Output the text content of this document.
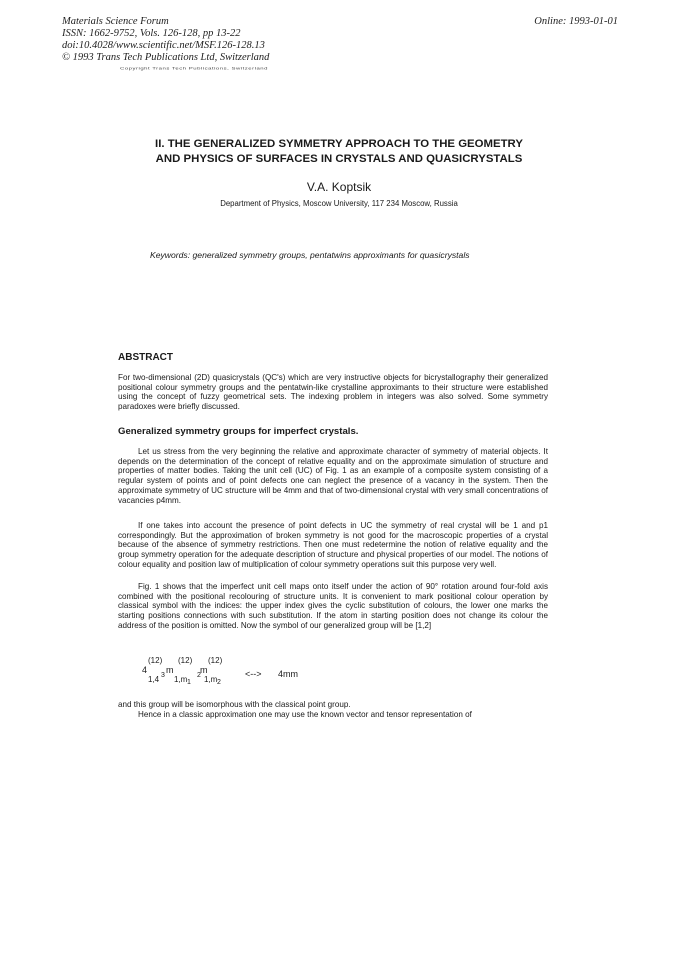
Materials Science Forum
ISSN: 1662-9752, Vols. 126-128, pp 13-22
doi:10.4028/www.scientific.net/MSF.126-128.13
© 1993 Trans Tech Publications Ltd, Switzerland
Online: 1993-01-01
Copyright Trans Tech Publications, Switzerland
II. THE GENERALIZED SYMMETRY APPROACH TO THE GEOMETRY
AND PHYSICS OF SURFACES IN CRYSTALS AND QUASICRYSTALS
V.A. Koptsik
Department of Physics, Moscow University, 117 234 Moscow, Russia
Keywords: generalized symmetry groups, pentatwins approximants for quasicrystals
ABSTRACT
For two-dimensional (2D) quasicrystals (QC's) which are very instructive objects for bicrystallography their generalized positional colour symmetry groups and the pentatwin-like crystalline approximants to their structure were established using the concept of fuzzy geometrical sets. The indexing problem in integers was also solved. Some symmetry paradoxes were briefly discussed.
Generalized symmetry groups for imperfect crystals.
Let us stress from the very beginning the relative and approximate character of symmetry of material objects. It depends on the determination of the concept of relative equality and on the approximate simulation of structure and properties of matter bodies. Taking the unit cell (UC) of Fig. 1 as an example of a composite system consisting of a regular system of points and of point defects one can neglect the presence of a vacancy in the system. Then the approximate symmetry of UC structure will be 4mm and that of two-dimensional crystal with very small concentrations of vacancies p4mm.
If one takes into account the presence of point defects in UC the symmetry of real crystal will be 1 and p1 correspondingly. But the approximation of broken symmetry is not good for the macroscopic properties of a crystal because of the absence of symmetry restrictions. Then one must redetermine the notion of relative equality and the group symmetry operation for the adequate description of structure and physical properties of our model. The notions of colour equality and position law of multiplication of colour symmetry operations suit this purpose very well.
Fig. 1 shows that the imperfect unit cell maps onto itself under the action of 90° rotation around four-fold axis combined with the positional recolouring of structure units. It is convenient to mark positional colour operation by classical symbol with the indices: the upper index gives the cyclic substitution of colours, the lower one marks the starting positions connections with such substitution. If the atom in starting position does not change its colour the address of the position is omitted. Now the symbol of our generalized group will be [1,2]
(12) (12) (12)
4 m	m
1,4 3 1,m 1
2 1,m 2
<--> 4mm
and this group will be isomorphous with the classical point group.
Hence in a classic approximation one may use the known vector and tensor representation of
